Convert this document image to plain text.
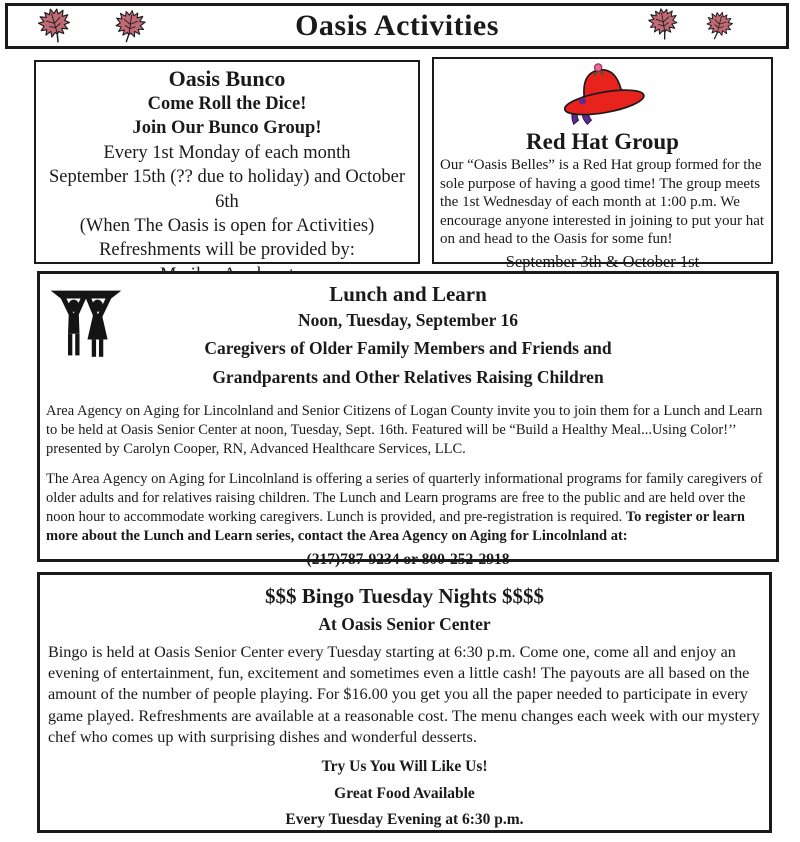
Oasis Activities
Oasis Bunco
Come Roll the Dice!
Join Our Bunco Group!
Every 1st Monday of each month
September 15th (?? due to holiday) and October 6th
(When The Oasis is open for Activities)
Refreshments will be provided by:
Red Hat Group

Our “Oasis Belles” is a Red Hat group formed for the sole purpose of having a good time! The group meets the 1st Wednesday of each month at 1:00 p.m. We encourage anyone interested in joining to put your hat on and head to the Oasis for some fun!

September 3th & October 1st
Lunch and Learn
Noon, Tuesday, September 16
Caregivers of Older Family Members and Friends and
Grandparents and Other Relatives Raising Children

Area Agency on Aging for Lincolnland and Senior Citizens of Logan County invite you to join them for a Lunch and Learn to be held at Oasis Senior Center at noon, Tuesday, Sept. 16th. Featured will be “Build a Healthy Meal...Using Color!’’ presented by Carolyn Cooper, RN, Advanced Healthcare Services, LLC.

The Area Agency on Aging for Lincolnland is offering a series of quarterly informational programs for family caregivers of older adults and for relatives raising children. The Lunch and Learn programs are free to the public and are held over the noon hour to accommodate working caregivers. Lunch is provided, and pre-registration is required. To register or learn more about the Lunch and Learn series, contact the Area Agency on Aging for Lincolnland at:

(217)787-9234 or 800-252-2918
$$$ Bingo Tuesday Nights $$$$
At Oasis Senior Center

Bingo is held at Oasis Senior Center every Tuesday starting at 6:30 p.m. Come one, come all and enjoy an evening of entertainment, fun, excitement and sometimes even a little cash! The payouts are all based on the amount of the number of people playing. For $16.00 you get you all the paper needed to participate in every game played. Refreshments are available at a reasonable cost. The menu changes each week with our mystery chef who comes up with surprising dishes and wonderful desserts.

Try Us You Will Like Us!
Great Food Available
Every Tuesday Evening at 6:30 p.m.
